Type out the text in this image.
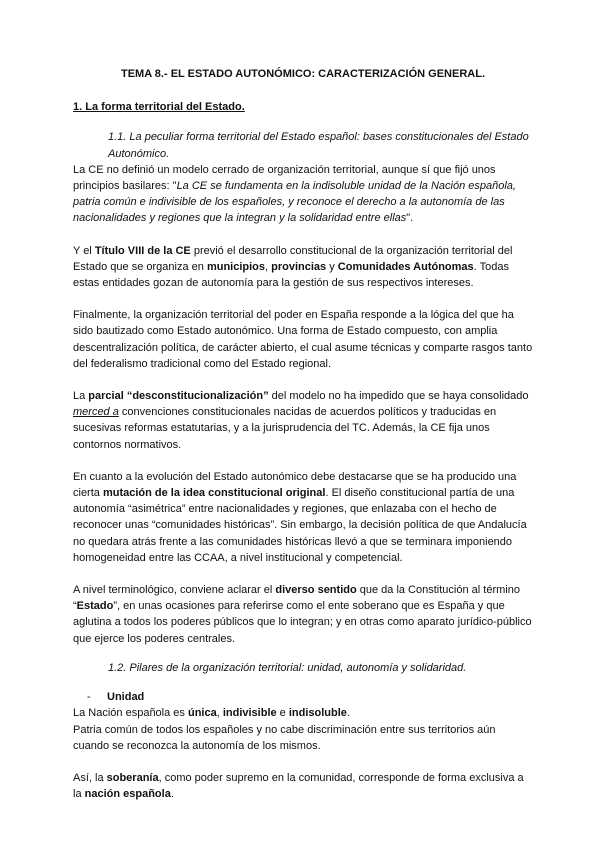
TEMA 8.- EL ESTADO AUTONÓMICO: CARACTERIZACIÓN GENERAL.
1. La forma territorial del Estado.
1.1. La peculiar forma territorial del Estado español: bases constitucionales del Estado Autonómico.

La CE no definió un modelo cerrado de organización territorial, aunque sí que fijó unos principios basilares: "La CE se fundamenta en la indisoluble unidad de la Nación española, patria común e indivisible de los españoles, y reconoce el derecho a la autonomía de las nacionalidades y regiones que la integran y la solidaridad entre ellas".

Y el Título VIII de la CE previó el desarrollo constitucional de la organización territorial del Estado que se organiza en municipios, provincias y Comunidades Autónomas. Todas estas entidades gozan de autonomía para la gestión de sus respectivos intereses.

Finalmente, la organización territorial del poder en España responde a la lógica del que ha sido bautizado como Estado autonómico. Una forma de Estado compuesto, con amplia descentralización política, de carácter abierto, el cual asume técnicas y comparte rasgos tanto del federalismo tradicional como del Estado regional.

La parcial “desconstitucionalización” del modelo no ha impedido que se haya consolidado merced a convenciones constitucionales nacidas de acuerdos políticos y traducidas en sucesivas reformas estatutarias, y a la jurisprudencia del TC. Además, la CE fija unos contornos normativos.

En cuanto a la evolución del Estado autonómico debe destacarse que se ha producido una cierta mutación de la idea constitucional original. El diseño constitucional partía de una autonomía “asimétrica” entre nacionalidades y regiones, que enlazaba con el hecho de reconocer unas “comunidades históricas”. Sin embargo, la decisión política de que Andalucía no quedara atrás frente a las comunidades históricas llevó a que se terminara imponiendo homogeneidad entre las CCAA, a nivel institucional y competencial.

A nivel terminológico, conviene aclarar el diverso sentido que da la Constitución al término “Estado”, en unas ocasiones para referirse como el ente soberano que es España y que aglutina a todos los poderes públicos que lo integran; y en otras como aparato jurídico-público que ejerce los poderes centrales.

1.2. Pilares de la organización territorial: unidad, autonomía y solidaridad.
- Unidad

La Nación española es única, indivisible e indisoluble.

Patria común de todos los españoles y no cabe discriminación entre sus territorios aún cuando se reconozca la autonomía de los mismos.

Así, la soberanía, como poder supremo en la comunidad, corresponde de forma exclusiva a la nación española.
